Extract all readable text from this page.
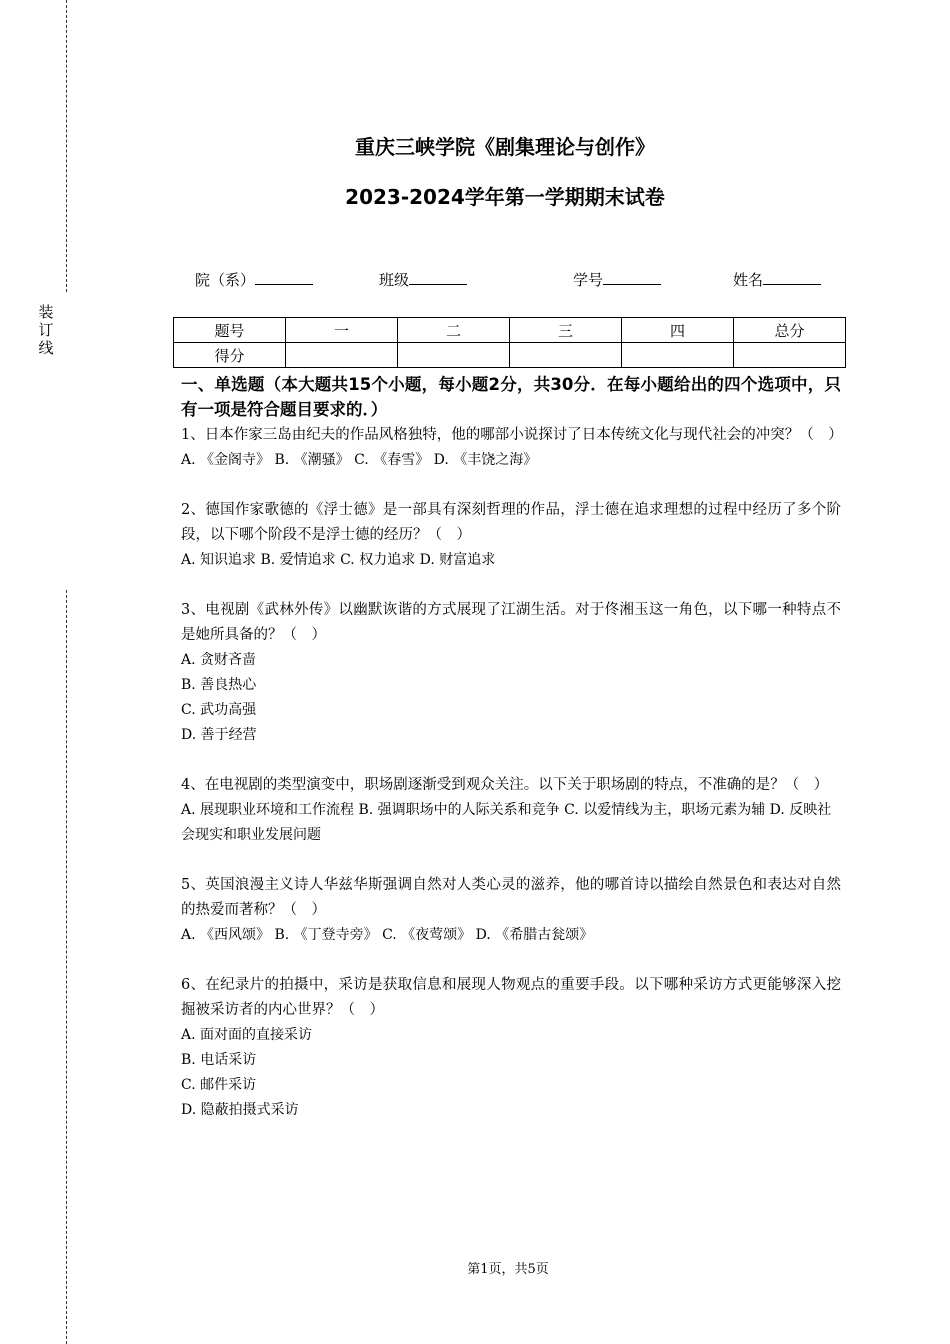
装订线
重庆三峡学院《剧集理论与创作》
2023-2024学年第一学期期末试卷
院（系）	班级	学号	姓名
题号	一	二	三	四	总分
得分					

一、单选题（本大题共15个小题，每小题2分，共30分．在每小题给出的四个选项中，只有一项是符合题目要求的．）

1、日本作家三岛由纪夫的作品风格独特，他的哪部小说探讨了日本传统文化与现代社会的冲突？（　）

A. 《金阁寺》 B. 《潮骚》 C. 《春雪》 D. 《丰饶之海》

2、德国作家歌德的《浮士德》是一部具有深刻哲理的作品，浮士德在追求理想的过程中经历了多个阶段，以下哪个阶段不是浮士德的经历？（　）

A. 知识追求 B. 爱情追求 C. 权力追求 D. 财富追求

3、电视剧《武林外传》以幽默诙谐的方式展现了江湖生活。对于佟湘玉这一角色，以下哪一种特点不是她所具备的？（　）

A. 贪财吝啬

B. 善良热心

C. 武功高强

D. 善于经营

4、在电视剧的类型演变中，职场剧逐渐受到观众关注。以下关于职场剧的特点，不准确的是？（　）

A. 展现职业环境和工作流程 B. 强调职场中的人际关系和竞争 C. 以爱情线为主，职场元素为辅 D. 反映社会现实和职业发展问题

5、英国浪漫主义诗人华兹华斯强调自然对人类心灵的滋养，他的哪首诗以描绘自然景色和表达对自然的热爱而著称？（　）

A. 《西风颂》 B. 《丁登寺旁》 C. 《夜莺颂》 D. 《希腊古瓮颂》

6、在纪录片的拍摄中，采访是获取信息和展现人物观点的重要手段。以下哪种采访方式更能够深入挖掘被采访者的内心世界？（　）

A. 面对面的直接采访

B. 电话采访

C. 邮件采访

D. 隐蔽拍摄式采访

第1页，共5页
